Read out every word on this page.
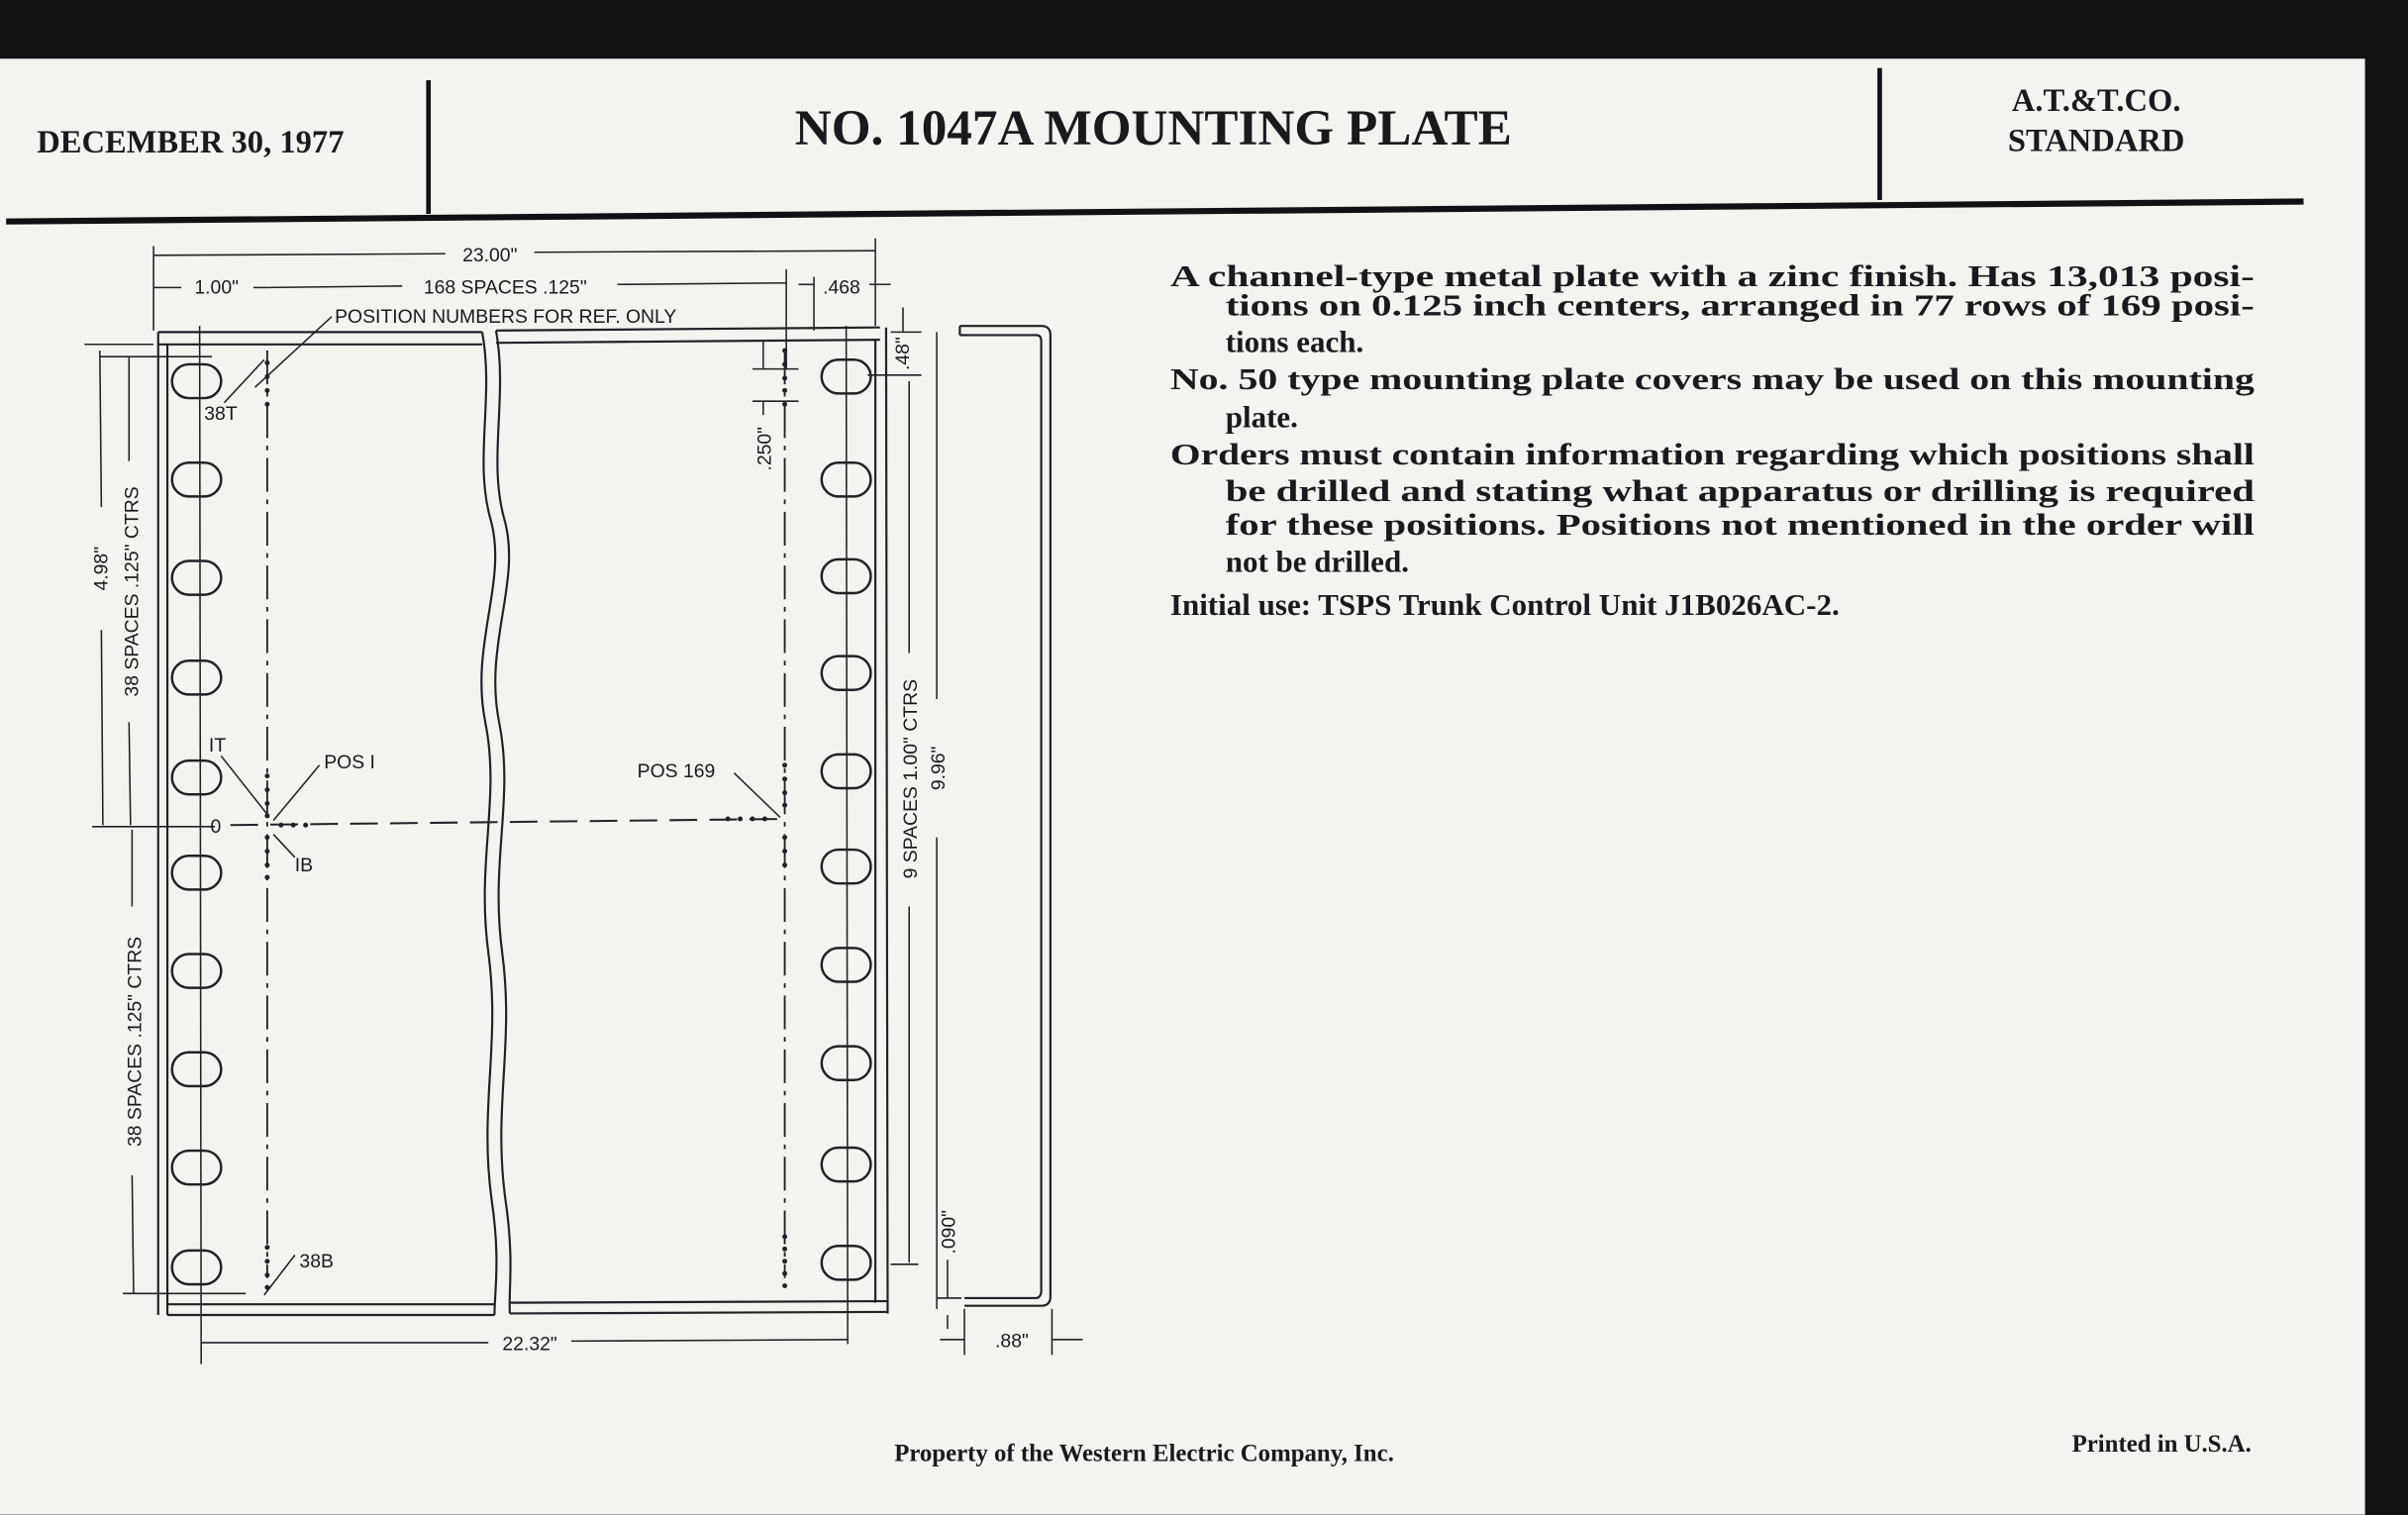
DECEMBER 30, 1977	NO. 1047A MOUNTING PLATE	A.T.&T.CO.
STANDARD
A channel-type metal plate with a zinc finish. Has 13,013 posi-
tions on 0.125 inch centers, arranged in 77 rows of 169 posi-
tions each.
No. 50 type mounting plate covers may be used on this mounting
plate.
Orders must contain information regarding which positions shall
be drilled and stating what apparatus or drilling is required
for these positions. Positions not mentioned in the order will
not be drilled.
Initial use: TSPS Trunk Control Unit J1B026AC-2.
23.00"
1.00"	168 SPACES .125"	.468
POSITION NUMBERS FOR REF. ONLY
4.98" 38 SPACES .125" CTRS
38 SPACES .125" CTRS
38T
IT
POS I
0
IB
38B
POS 169
.250"
.48"
9 SPACES 1.00" CTRS 9.96"
.090"
.88"
22.32"
Property of the Western Electric Company, Inc.	Printed in U.S.A.
